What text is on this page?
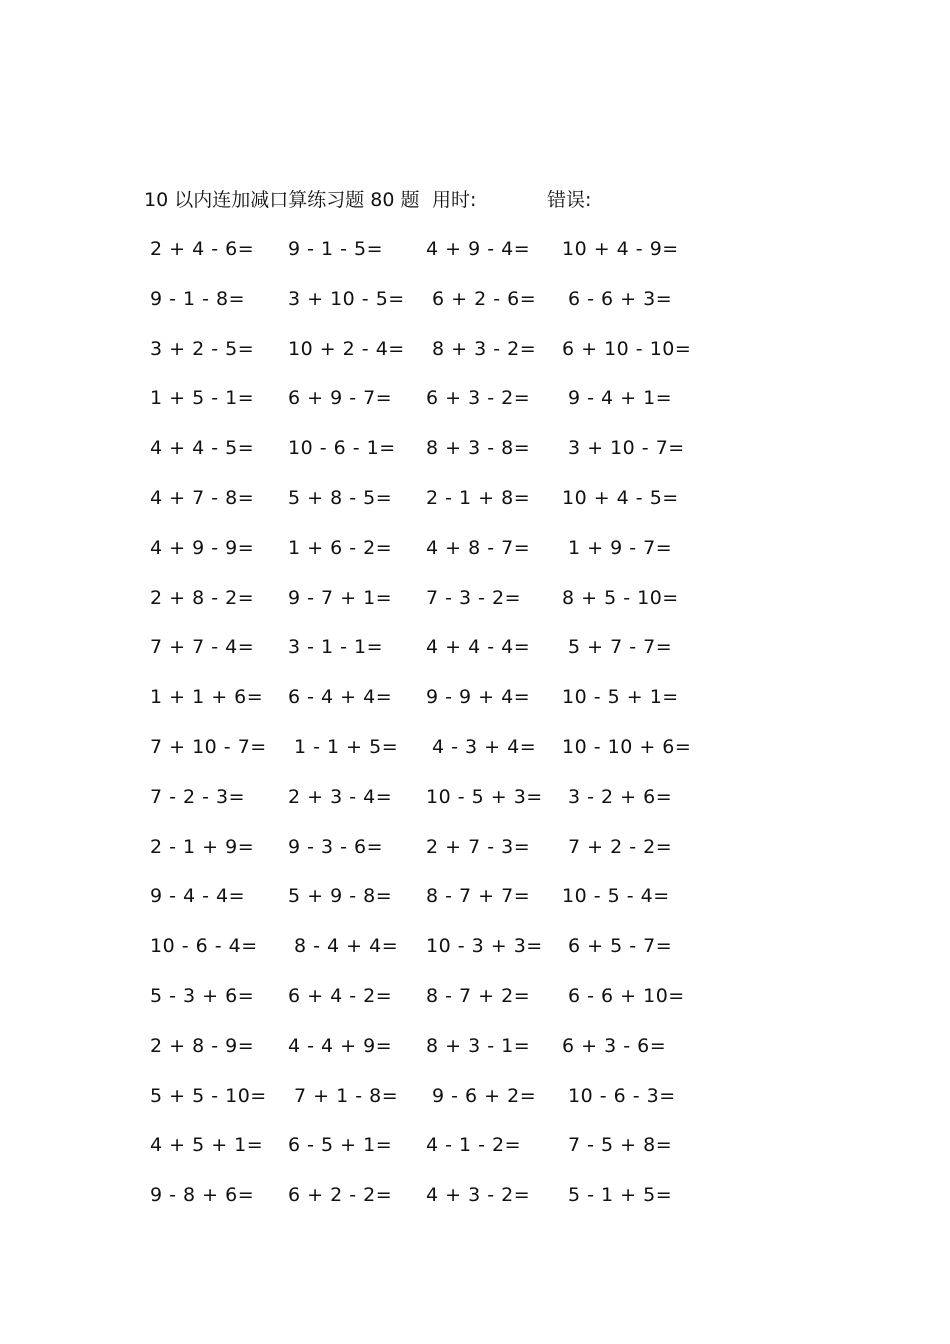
10 以内连加减口算练习题 80 题 用时:	错误:
2 + 4 - 6= 9 - 1 - 5= 4 + 9 - 4= 10 + 4 - 9=
9 - 1 - 8= 3 + 10 - 5=	6 + 2 - 6=	6 - 6 + 3=
3 + 2 - 5= 10 + 2 - 4=	8 + 3 - 2= 6 + 10 - 10=
1 + 5 - 1= 6 + 9 - 7= 6 + 3 - 2=	9 - 4 + 1=
4 + 4 - 5= 10 - 6 - 1= 8 + 3 - 8=	3 + 10 - 7=
4 + 7 - 8= 5 + 8 - 5= 2 - 1 + 8= 10 + 4 - 5=
4 + 9 - 9= 1 + 6 - 2= 4 + 8 - 7=	1 + 9 - 7=
2 + 8 - 2= 9 - 7 + 1= 7 - 3 - 2= 8 + 5 - 10=
7 + 7 - 4= 3 - 1 - 1= 4 + 4 - 4=	5 + 7 - 7=
1 + 1 + 6= 6 - 4 + 4= 9 - 9 + 4= 10 - 5 + 1=
7 + 10 - 7=	1 - 1 + 5=	4 - 3 + 4= 10 - 10 + 6=
7 - 2 - 3= 2 + 3 - 4= 10 - 5 + 3=	3 - 2 + 6=
2 - 1 + 9= 9 - 3 - 6= 2 + 7 - 3=	7 + 2 - 2=
9 - 4 - 4= 5 + 9 - 8= 8 - 7 + 7= 10 - 5 - 4=
10 - 6 - 4=	8 - 4 + 4= 10 - 3 + 3=	6 + 5 - 7=
5 - 3 + 6= 6 + 4 - 2= 8 - 7 + 2=	6 - 6 + 10=
2 + 8 - 9= 4 - 4 + 9= 8 + 3 - 1= 6 + 3 - 6=
5 + 5 - 10=	7 + 1 - 8=	9 - 6 + 2=	10 - 6 - 3=
4 + 5 + 1= 6 - 5 + 1= 4 - 1 - 2=	7 - 5 + 8=
9 - 8 + 6= 6 + 2 - 2= 4 + 3 - 2=	5 - 1 + 5=
